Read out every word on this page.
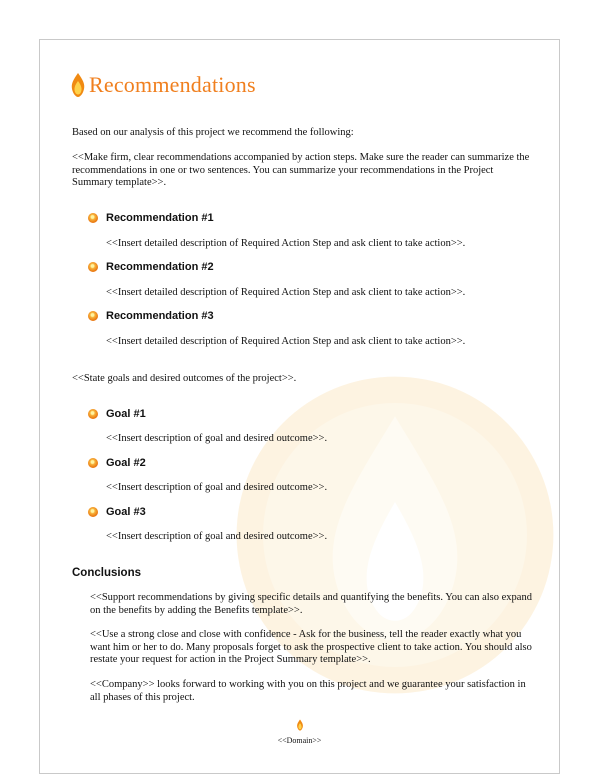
Recommendations
Based on our analysis of this project we recommend the following:
<<Make firm, clear recommendations accompanied by action steps. Make sure the reader can summarize the recommendations in one or two sentences. You can summarize your recommendations in the Project Summary template>>.
Recommendation #1
<<Insert detailed description of Required Action Step and ask client to take action>>.
Recommendation #2
<<Insert detailed description of Required Action Step and ask client to take action>>.
Recommendation #3
<<Insert detailed description of Required Action Step and ask client to take action>>.
<<State goals and desired outcomes of the project>>.
Goal #1
<<Insert description of goal and desired outcome>>.
Goal #2
<<Insert description of goal and desired outcome>>.
Goal #3
<<Insert description of goal and desired outcome>>.
Conclusions
<<Support recommendations by giving specific details and quantifying the benefits. You can also expand on the benefits by adding the Benefits template>>.
<<Use a strong close and close with confidence - Ask for the business, tell the reader exactly what you want him or her to do. Many proposals forget to ask the prospective client to take action. You should also restate your request for action in the Project Summary template>>.
<<Company>> looks forward to working with you on this project and we guarantee your satisfaction in all phases of this project.
<<Domain>>
